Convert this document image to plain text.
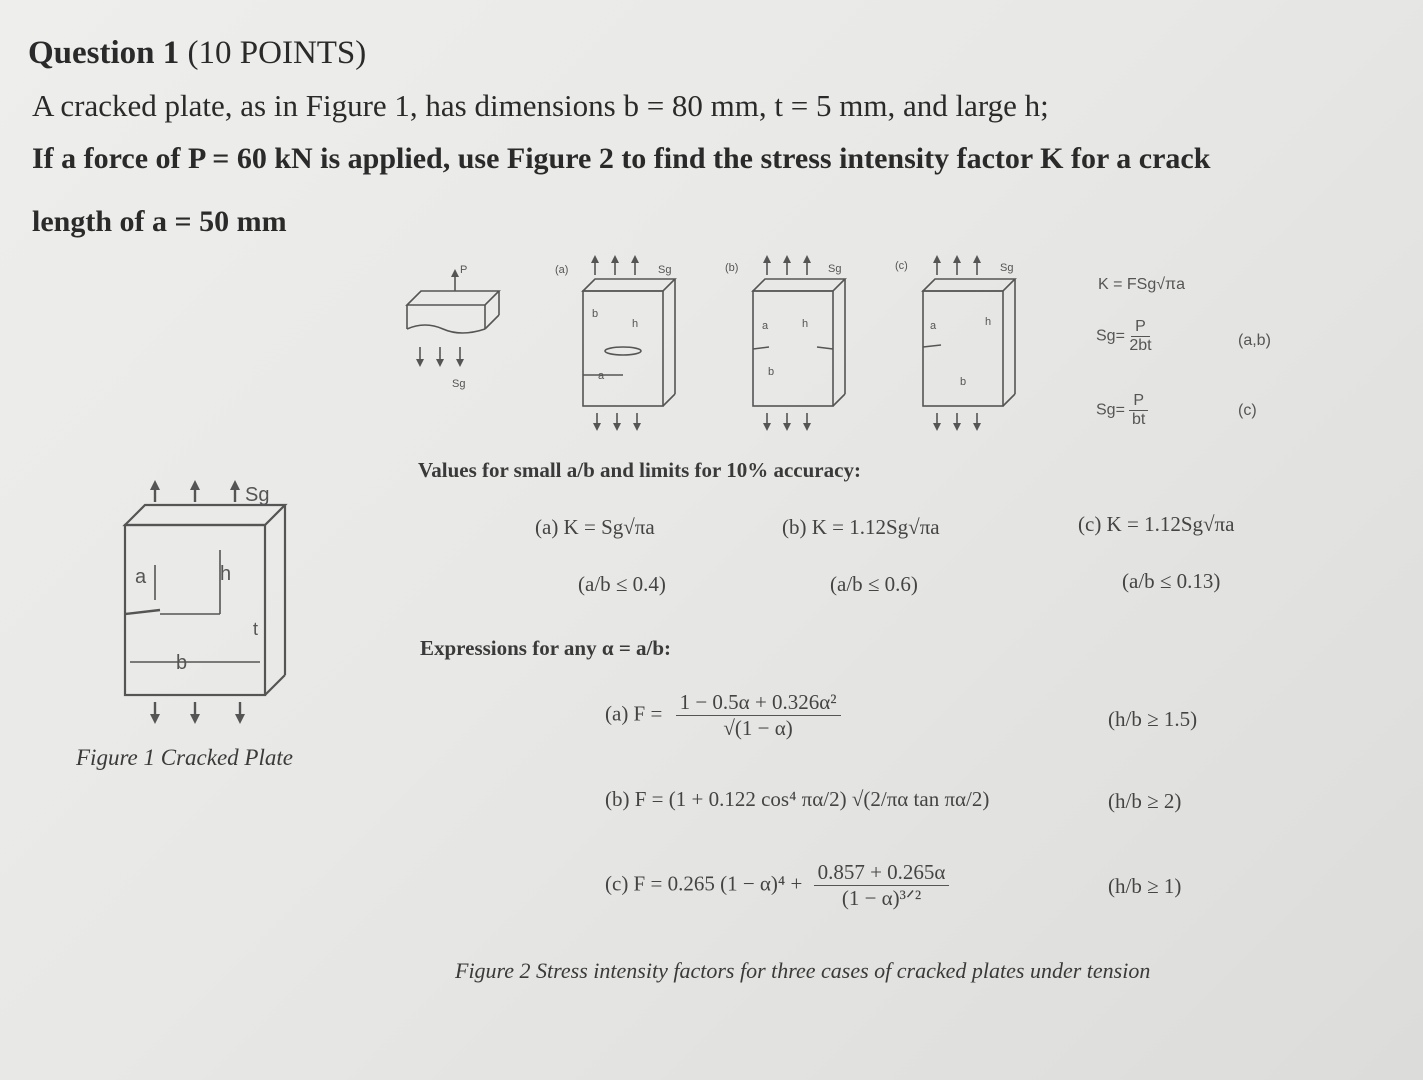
Question 1 (10 POINTS)
A cracked plate, as in Figure 1, has dimensions b = 80 mm, t = 5 mm, and large h;
If a force of P = 60 kN is applied, use Figure 2 to find the stress intensity factor K for a crack
length of a = 50 mm
P
Sg
(a)	(b)	(c)
Sg	Sg	Sg
b
h
a
a	h
b
a	h
b
K = FSg√πa
$Sg= \frac{P}{2bt}$	(a,b)
$Sg= \frac{P}{bt}$	(c)
Values for small a/b and limits for 10% accuracy:
(a) K = Sg√πa	(b) K = 1.12Sg√πa	(c) K = 1.12Sg√πa
(a/b ≤ 0.4)	(a/b ≤ 0.6)	(a/b ≤ 0.13)
Expressions for any α = a/b:
(a) $F = \frac{\text{1 − 0.5α + 0.326α²}}{√(1 - \alpha)}$	(h/b ≥ 1.5)
(b) F = (1 + 0.122 cos⁴ πα/2) √(2/πα tan πα/2)	(h/b ≥ 2)
(c) F = 0.265 $(1 - \alpha)^4 + \frac{0.857 + 0.265\alpha}{\text{(1 − α)³ᐟ²}}$	(h/b ≥ 1)
Figure 2 Stress intensity factors for three cases of cracked plates under tension
Sg
a	h
t
b
Figure 1 Cracked Plate
